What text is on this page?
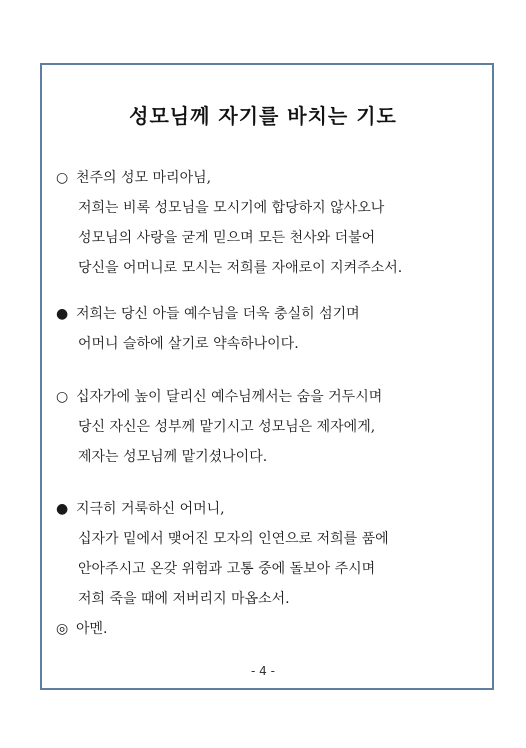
성모님께 자기를 바치는 기도
○ 천주의 성모 마리아님,
저희는 비록 성모님을 모시기에 합당하지 않사오나
성모님의 사랑을 굳게 믿으며 모든 천사와 더불어
당신을 어머니로 모시는 저희를 자애로이 지켜주소서.
● 저희는 당신 아들 예수님을 더욱 충실히 섬기며
어머니 슬하에 살기로 약속하나이다.
○ 십자가에 높이 달리신 예수님께서는 숨을 거두시며
당신 자신은 성부께 맡기시고 성모님은 제자에게,
제자는 성모님께 맡기셨나이다.
● 지극히 거룩하신 어머니,
십자가 밑에서 맺어진 모자의 인연으로 저희를 품에
안아주시고 온갖 위험과 고통 중에 돌보아 주시며
저희 죽을 때에 저버리지 마옵소서.
◎ 아멘.
- 4 -
